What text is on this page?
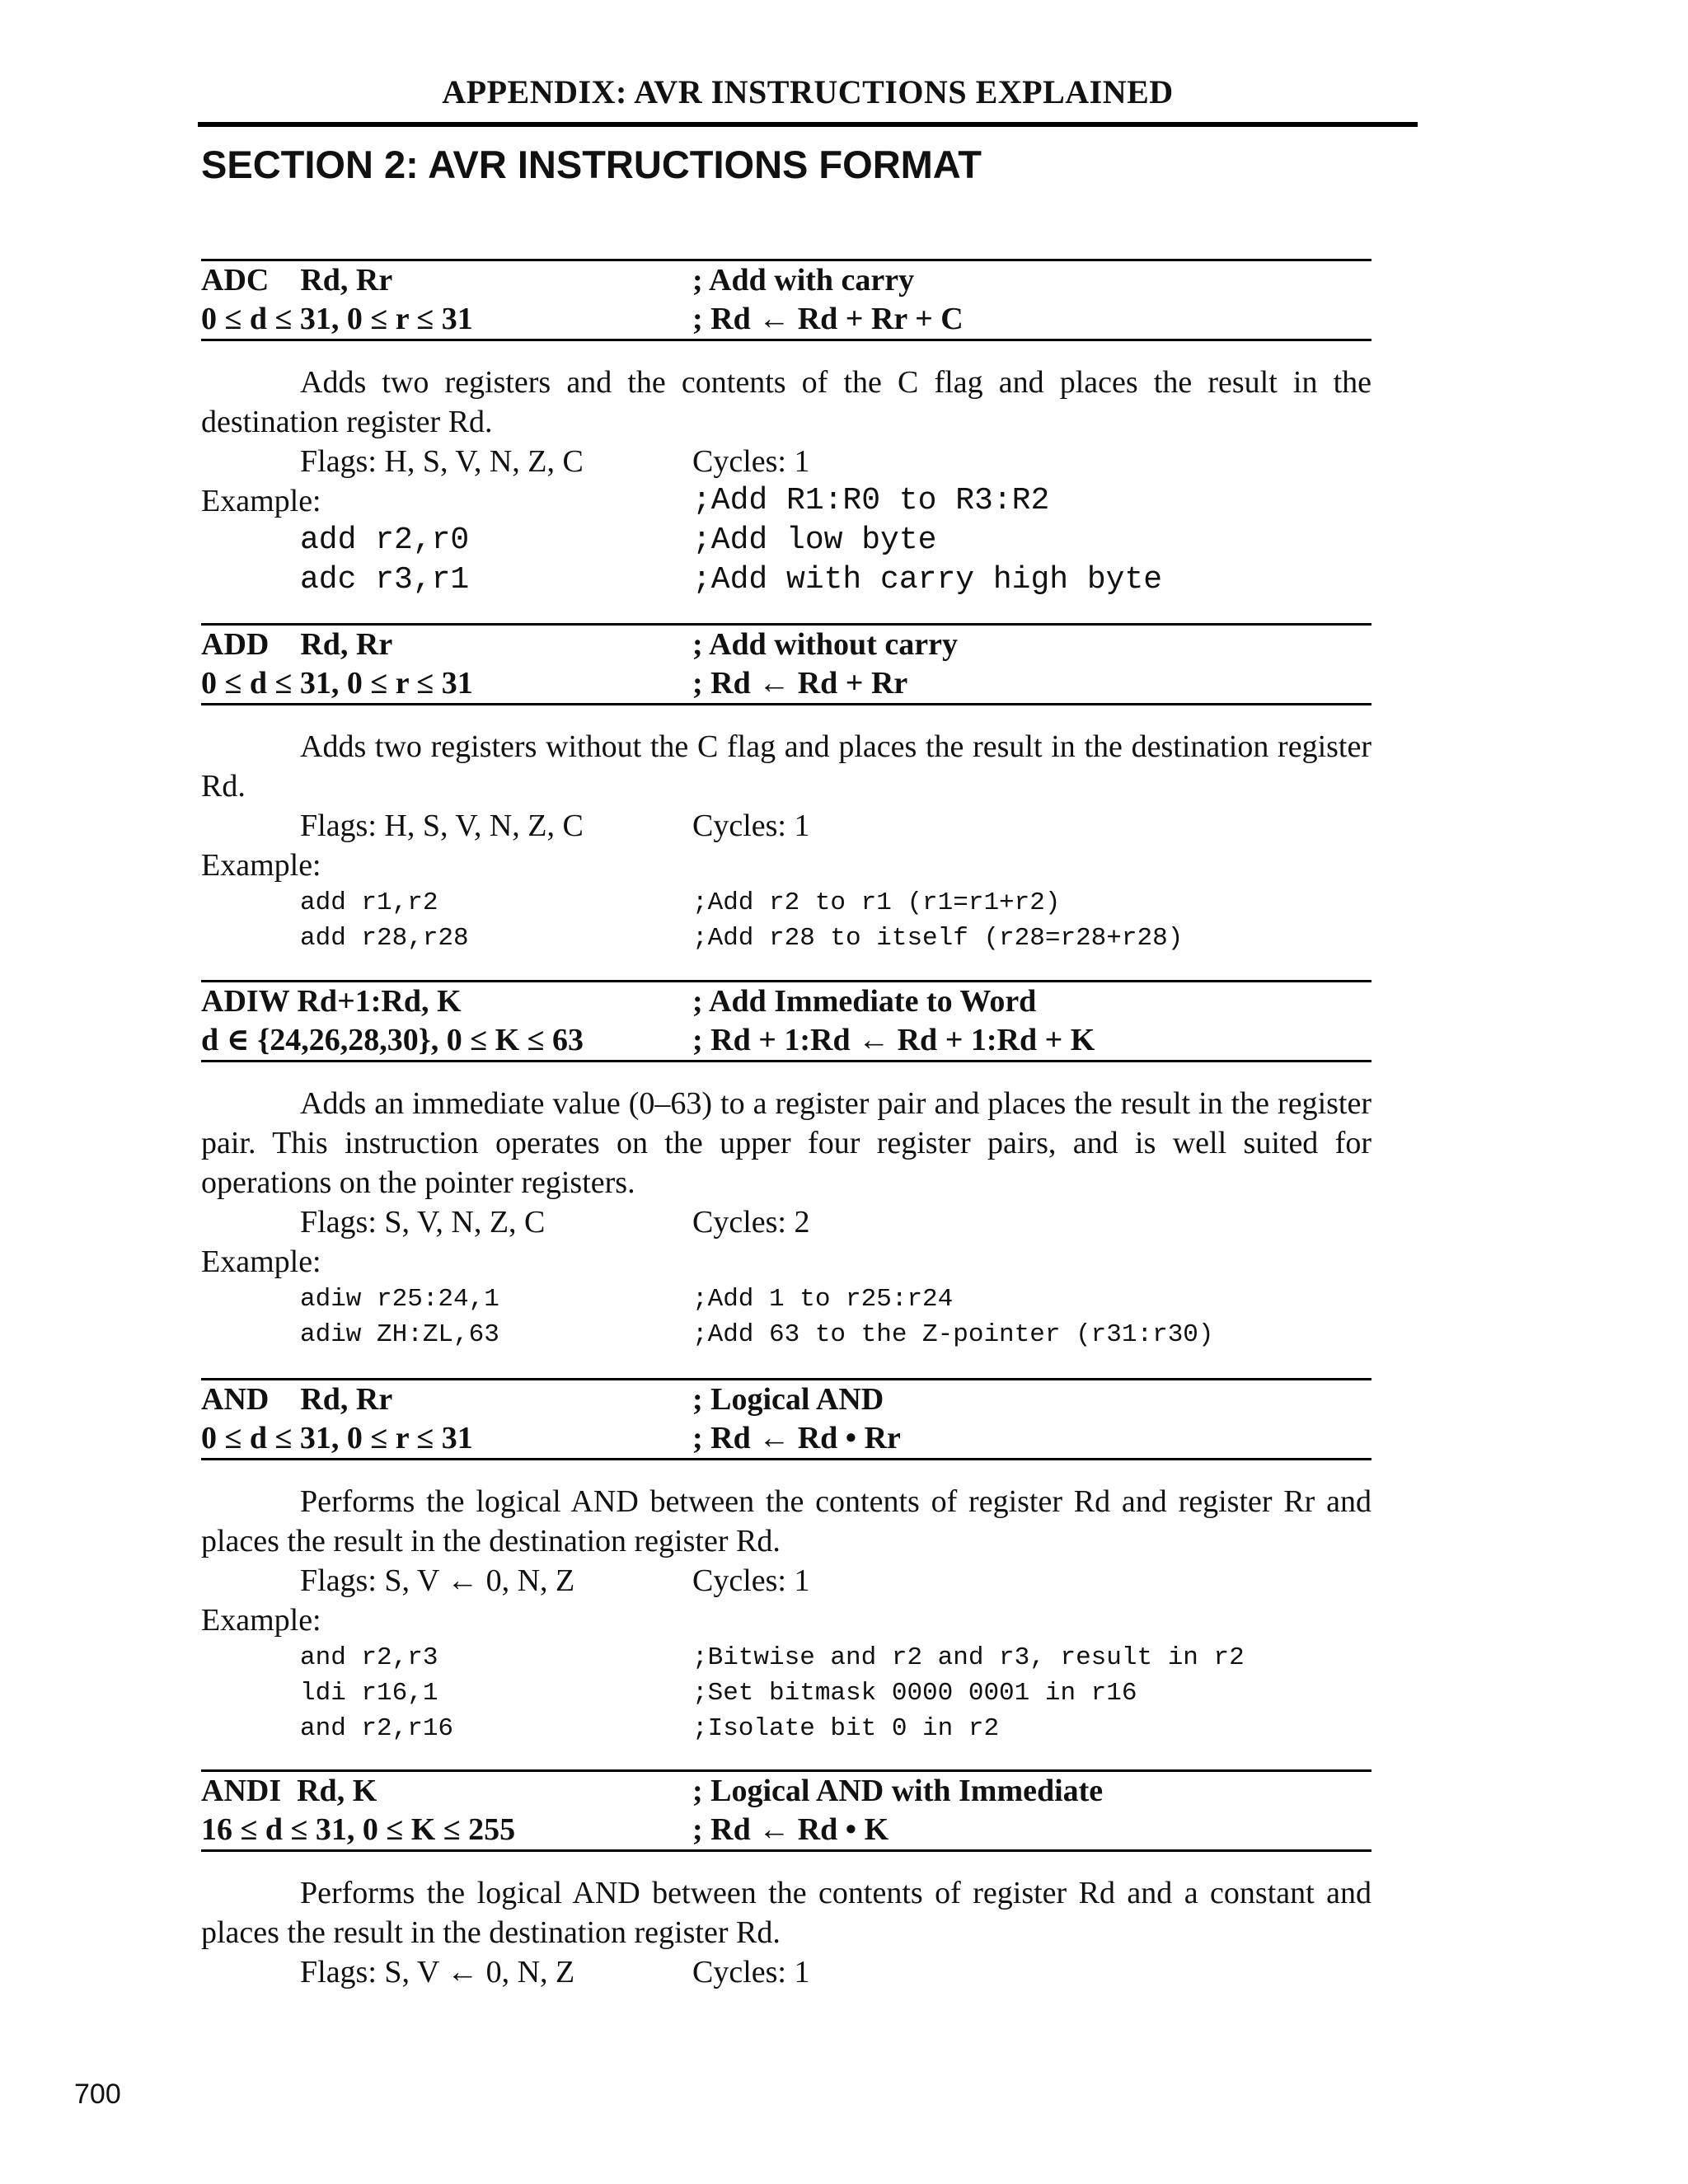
APPENDIX: AVR INSTRUCTIONS EXPLAINED
SECTION 2: AVR INSTRUCTIONS FORMAT
ADC Rd, Rr	; Add with carry
0 ≤ d ≤ 31, 0 ≤ r ≤ 31	; Rd ← Rd + Rr + C
Adds two registers and the contents of the C flag and places the result in the destination register Rd.
Flags: H, S, V, N, Z, C	Cycles: 1
Example:	;Add R1:R0 to R3:R2
add r2,r0	;Add low byte
adc r3,r1	;Add with carry high byte
ADD Rd, Rr	; Add without carry
0 ≤ d ≤ 31, 0 ≤ r ≤ 31	; Rd ← Rd + Rr
Adds two registers without the C flag and places the result in the destination register Rd.
Flags: H, S, V, N, Z, C	Cycles: 1
Example:
add r1,r2	;Add r2 to r1 (r1=r1+r2)
add r28,r28	;Add r28 to itself (r28=r28+r28)
ADIW Rd+1:Rd, K	; Add Immediate to Word
d ∈ {24,26,28,30}, 0 ≤ K ≤ 63	; Rd + 1:Rd ← Rd + 1:Rd + K
Adds an immediate value (0–63) to a register pair and places the result in the register pair. This instruction operates on the upper four register pairs, and is well suited for operations on the pointer registers.
Flags: S, V, N, Z, C	Cycles: 2
Example:
adiw r25:24,1	;Add 1 to r25:r24
adiw ZH:ZL,63	;Add 63 to the Z-pointer (r31:r30)
AND Rd, Rr	; Logical AND
0 ≤ d ≤ 31, 0 ≤ r ≤ 31	; Rd ← Rd • Rr
Performs the logical AND between the contents of register Rd and register Rr and places the result in the destination register Rd.
Flags: S, V ← 0, N, Z	Cycles: 1
Example:
and r2,r3	;Bitwise and r2 and r3, result in r2
ldi r16,1	;Set bitmask 0000 0001 in r16
and r2,r16	;Isolate bit 0 in r2
ANDI Rd, K	; Logical AND with Immediate
16 ≤ d ≤ 31, 0 ≤ K ≤ 255	; Rd ← Rd • K
Performs the logical AND between the contents of register Rd and a constant and places the result in the destination register Rd.
Flags: S, V ← 0, N, Z	Cycles: 1
700
